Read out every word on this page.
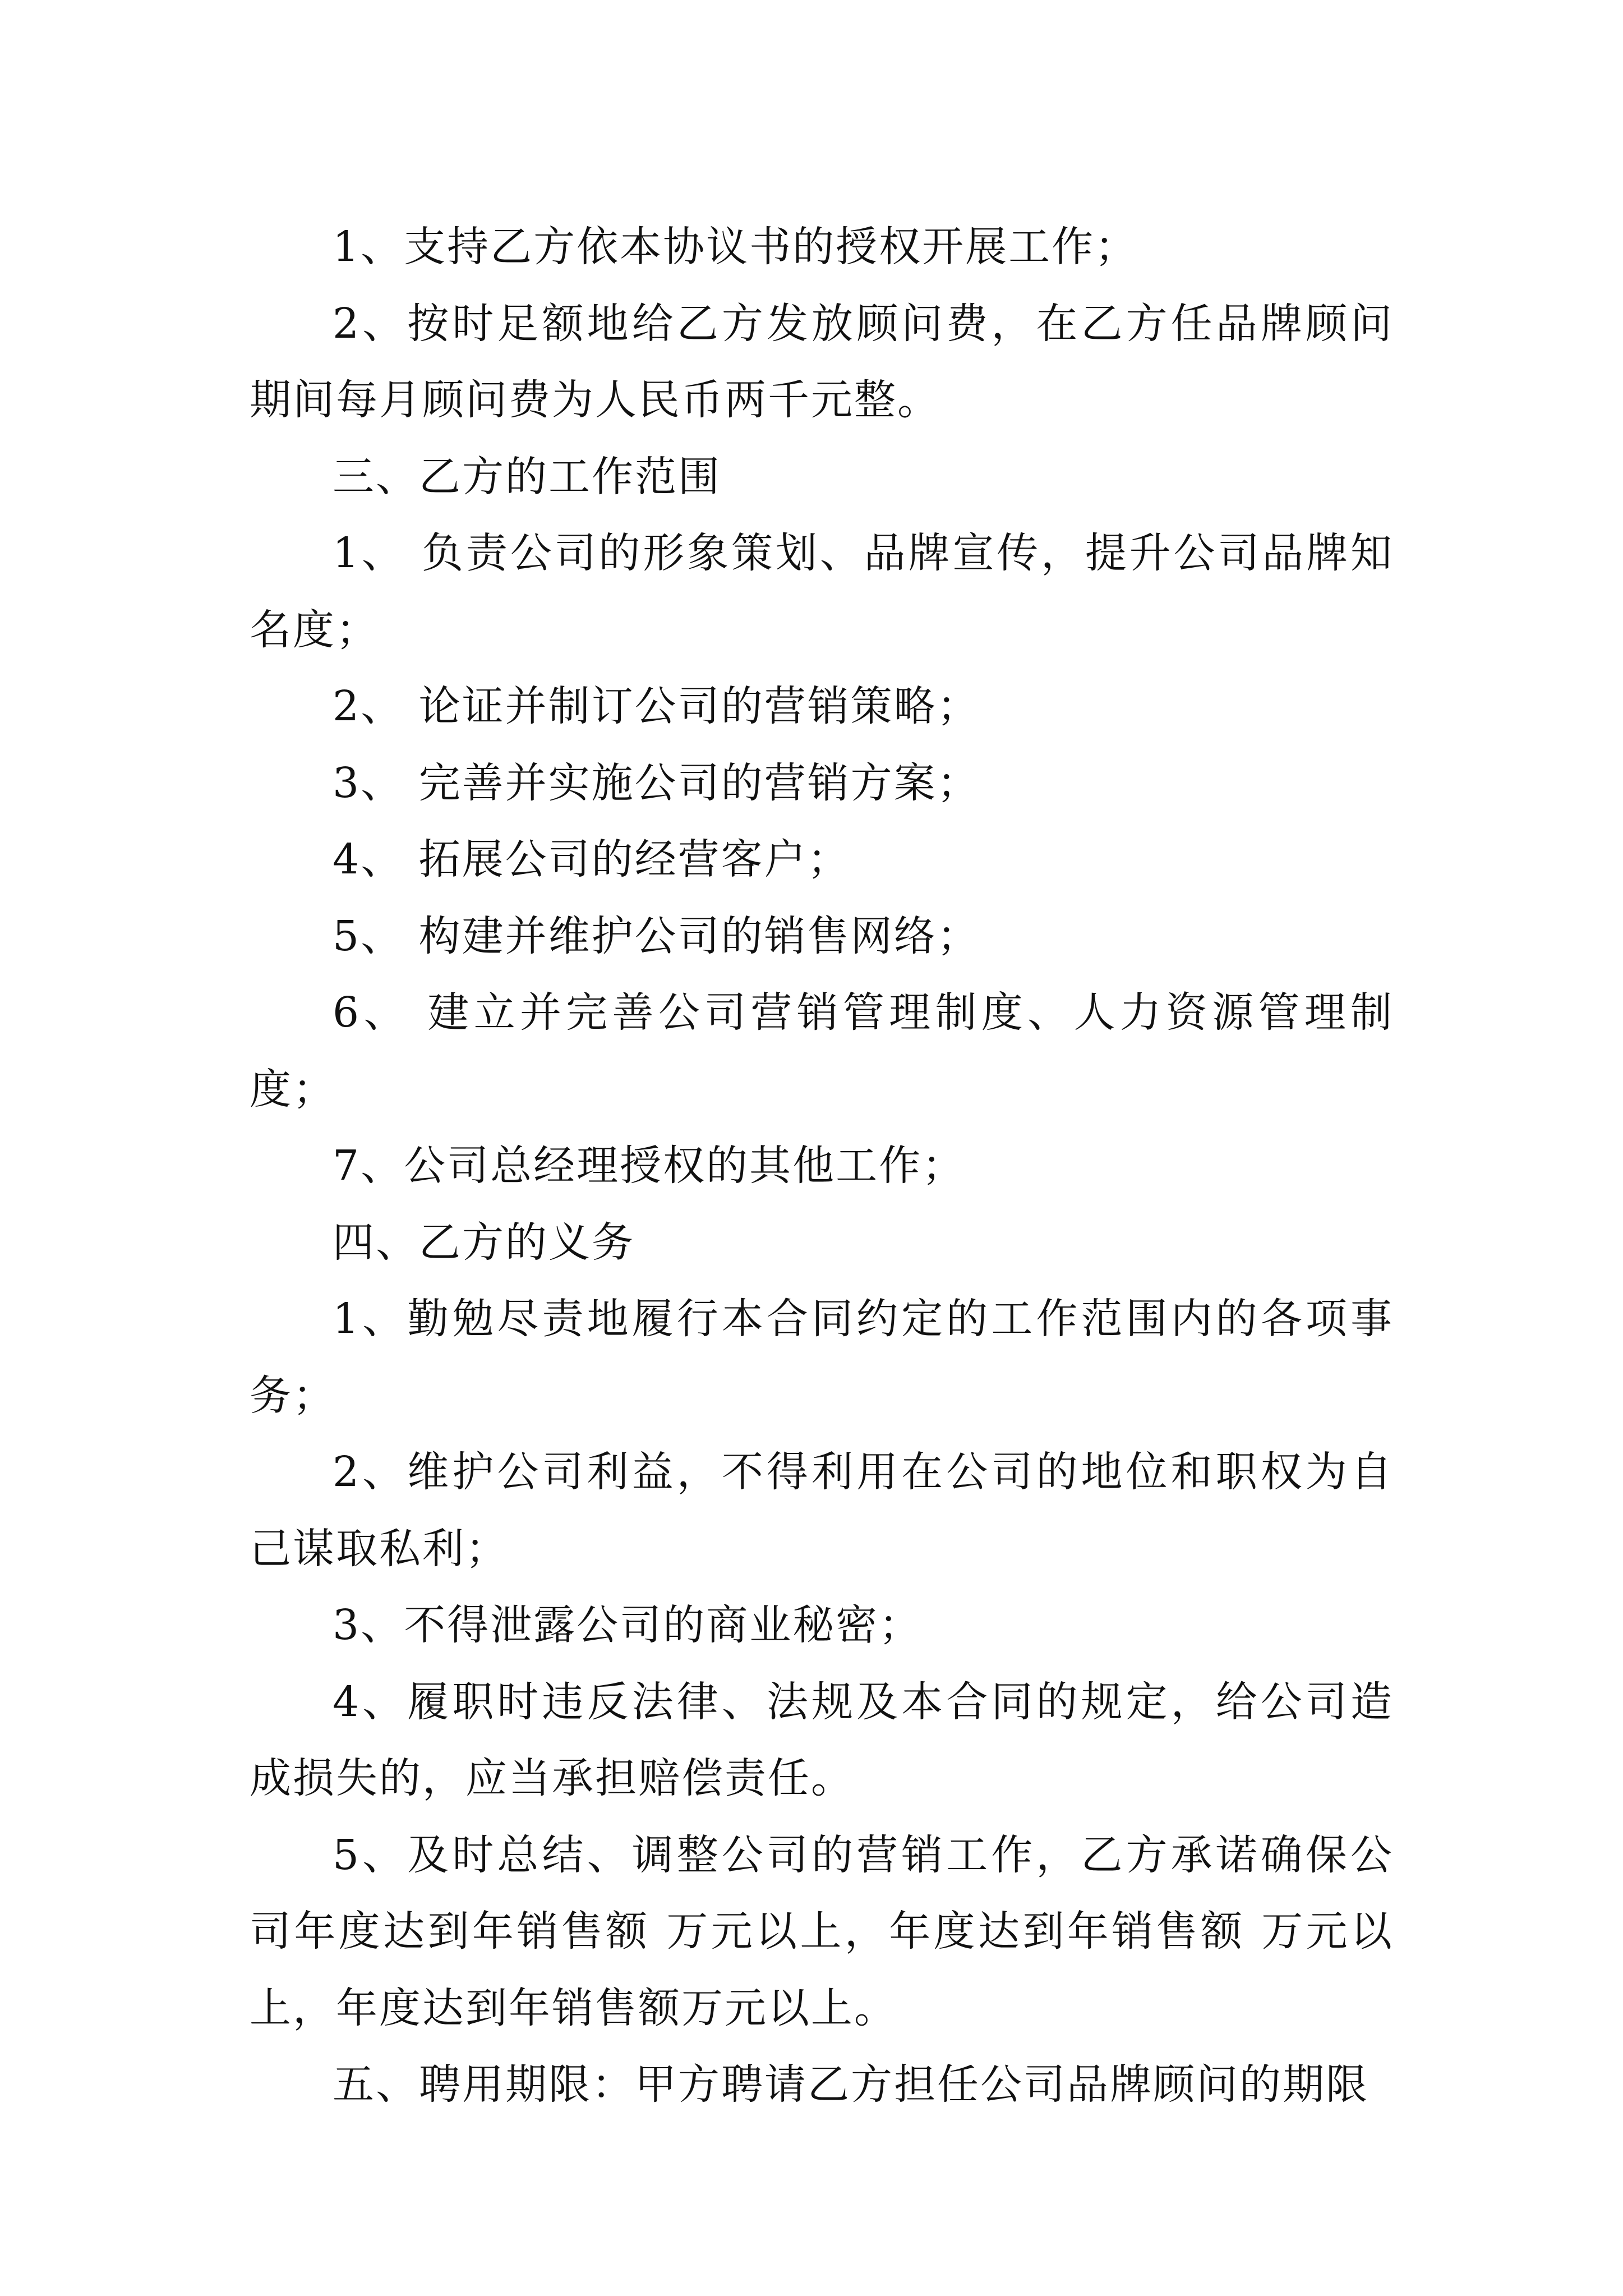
1、支持乙方依本协议书的授权开展工作；

2、按时足额地给乙方发放顾问费，在乙方任品牌顾问期间每月顾问费为人民币两千元整。

三、乙方的工作范围

1、 负责公司的形象策划、品牌宣传，提升公司品牌知名度；

2、 论证并制订公司的营销策略；

3、 完善并实施公司的营销方案；

4、 拓展公司的经营客户；

5、 构建并维护公司的销售网络；

6、 建立并完善公司营销管理制度、人力资源管理制度；

7、公司总经理授权的其他工作；

四、乙方的义务

1、勤勉尽责地履行本合同约定的工作范围内的各项事务；

2、维护公司利益，不得利用在公司的地位和职权为自己谋取私利；

3、不得泄露公司的商业秘密；

4、履职时违反法律、法规及本合同的规定，给公司造成损失的，应当承担赔偿责任。

5、及时总结、调整公司的营销工作，乙方承诺确保公司年度达到年销售额 万元以上，年度达到年销售额 万元以上，年度达到年销售额万元以上。

五、聘用期限：甲方聘请乙方担任公司品牌顾问的期限
